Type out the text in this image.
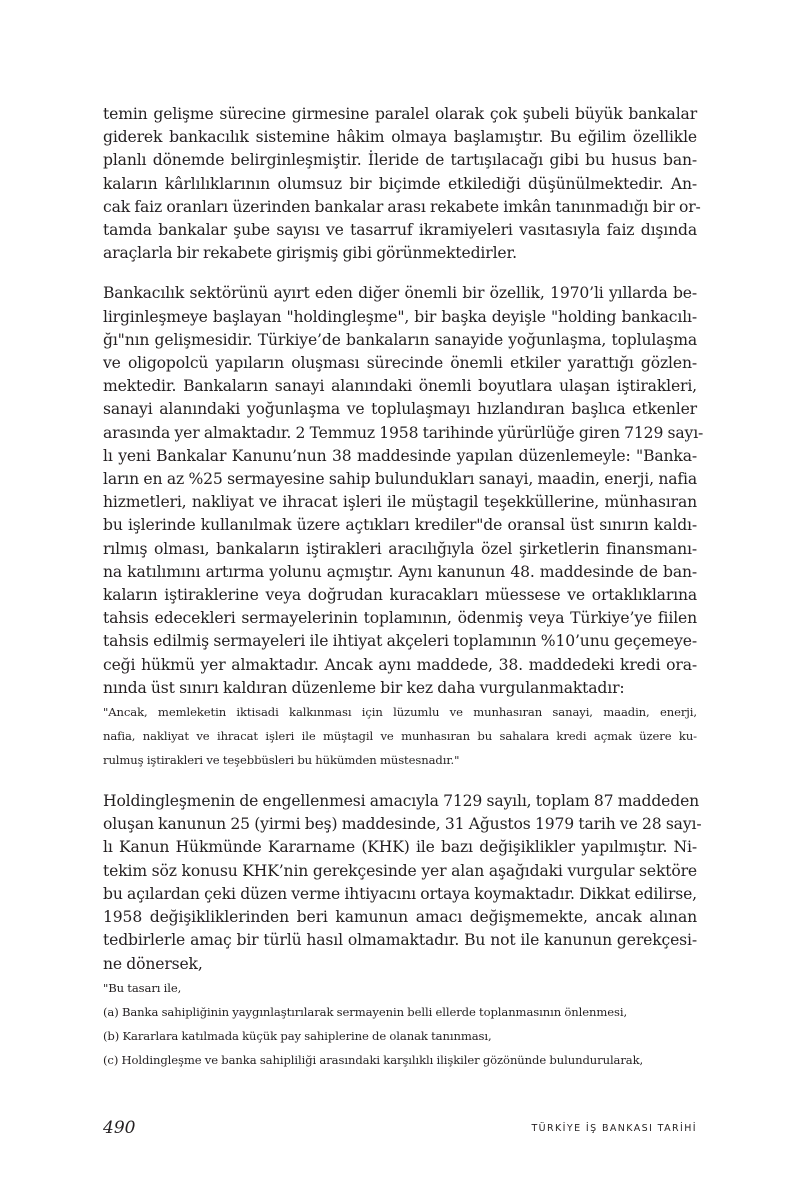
temin gelişme sürecine girmesine paralel olarak çok şubeli büyük bankalar
giderek bankacılık sistemine hâkim olmaya başlamıştır. Bu eğilim özellikle
planlı dönemde belirginleşmiştir. İleride de tartışılacağı gibi bu husus ban-
kaların kârlılıklarının olumsuz bir biçimde etkilediği düşünülmektedir. An-
cak faiz oranları üzerinden bankalar arası rekabete imkân tanınmadığı bir or-
tamda bankalar şube sayısı ve tasarruf ikramiyeleri vasıtasıyla faiz dışında
araçlarla bir rekabete girişmiş gibi görünmektedirler.

Bankacılık sektörünü ayırt eden diğer önemli bir özellik, 1970’li yıllarda be-
lirginleşmeye başlayan "holdingleşme", bir başka deyişle "holding bankacılı-
ğı"nın gelişmesidir. Türkiye’de bankaların sanayide yoğunlaşma, toplulaşma
ve oligopolcü yapıların oluşması sürecinde önemli etkiler yarattığı gözlen-
mektedir. Bankaların sanayi alanındaki önemli boyutlara ulaşan iştirakleri,
sanayi alanındaki yoğunlaşma ve toplulaşmayı hızlandıran başlıca etkenler
arasında yer almaktadır. 2 Temmuz 1958 tarihinde yürürlüğe giren 7129 sayı-
lı yeni Bankalar Kanunu’nun 38 maddesinde yapılan düzenlemeyle: "Banka-
ların en az %25 sermayesine sahip bulundukları sanayi, maadin, enerji, nafia
hizmetleri, nakliyat ve ihracat işleri ile müştagil teşekküllerine, münhasıran
bu işlerinde kullanılmak üzere açtıkları krediler"de oransal üst sınırın kaldı-
rılmış olması, bankaların iştirakleri aracılığıyla özel şirketlerin finansmanı-
na katılımını artırma yolunu açmıştır. Aynı kanunun 48. maddesinde de ban-
kaların iştiraklerine veya doğrudan kuracakları müessese ve ortaklıklarına
tahsis edecekleri sermayelerinin toplamının, ödenmiş veya Türkiye’ye fiilen
tahsis edilmiş sermayeleri ile ihtiyat akçeleri toplamının %10’unu geçemeye-
ceği hükmü yer almaktadır. Ancak aynı maddede, 38. maddedeki kredi ora-
nında üst sınırı kaldıran düzenleme bir kez daha vurgulanmaktadır:

"Ancak, memleketin iktisadi kalkınması için lüzumlu ve munhasıran sanayi, maadin, enerji,
nafia, nakliyat ve ihracat işleri ile müştagil ve munhasıran bu sahalara kredi açmak üzere ku-
rulmuş iştirakleri ve teşebbüsleri bu hükümden müstesnadır."

Holdingleşmenin de engellenmesi amacıyla 7129 sayılı, toplam 87 maddeden
oluşan kanunun 25 (yirmi beş) maddesinde, 31 Ağustos 1979 tarih ve 28 sayı-
lı Kanun Hükmünde Kararname (KHK) ile bazı değişiklikler yapılmıştır. Ni-
tekim söz konusu KHK’nin gerekçesinde yer alan aşağıdaki vurgular sektöre
bu açılardan çeki düzen verme ihtiyacını ortaya koymaktadır. Dikkat edilirse,
1958 değişikliklerinden beri kamunun amacı değişmemekte, ancak alınan
tedbirlerle amaç bir türlü hasıl olmamaktadır. Bu not ile kanunun gerekçesi-
ne dönersek,

"Bu tasarı ile,
(a) Banka sahipliğinin yaygınlaştırılarak sermayenin belli ellerde toplanmasının önlenmesi,
(b) Kararlara katılmada küçük pay sahiplerine de olanak tanınması,
(c) Holdingleşme ve banka sahipliliği arasındaki karşılıklı ilişkiler gözönünde bulundurularak,
490	TÜRKİYE İŞ BANKASI TARİHİ
